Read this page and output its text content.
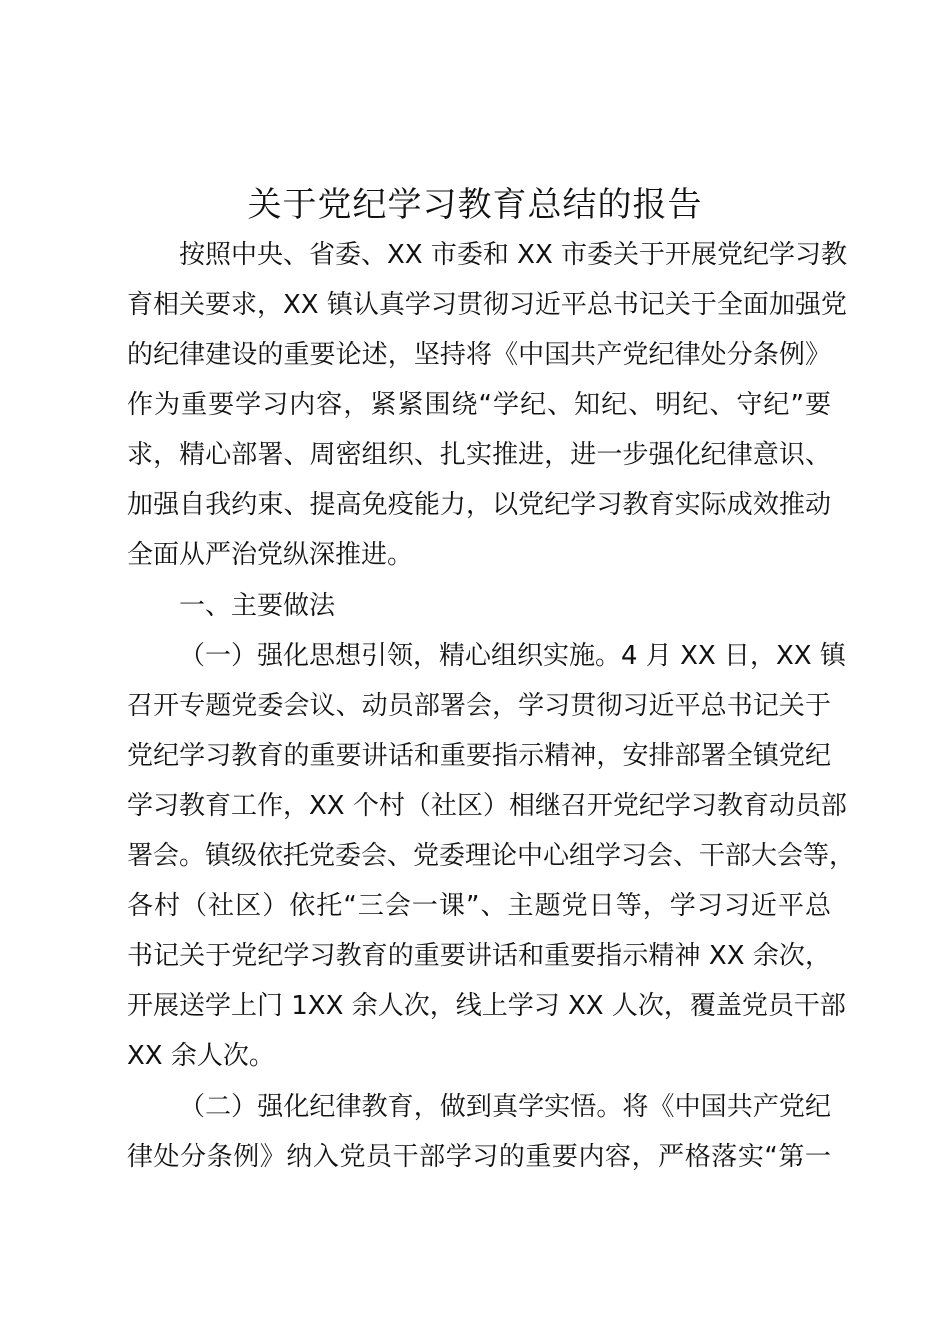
关于党纪学习教育总结的报告

按照中央、省委、XX 市委和 XX 市委关于开展党纪学习教

育相关要求，XX 镇认真学习贯彻习近平总书记关于全面加强党

的纪律建设的重要论述，坚持将《中国共产党纪律处分条例》

作为重要学习内容，紧紧围绕“学纪、知纪、明纪、守纪”要

求，精心部署、周密组织、扎实推进，进一步强化纪律意识、

加强自我约束、提高免疫能力，以党纪学习教育实际成效推动

全面从严治党纵深推进。

一、主要做法

（一）强化思想引领，精心组织实施。4 月 XX 日，XX 镇

召开专题党委会议、动员部署会，学习贯彻习近平总书记关于

党纪学习教育的重要讲话和重要指示精神，安排部署全镇党纪

学习教育工作，XX 个村（社区）相继召开党纪学习教育动员部

署会。镇级依托党委会、党委理论中心组学习会、干部大会等，

各村（社区）依托“三会一课”、主题党日等，学习习近平总

书记关于党纪学习教育的重要讲话和重要指示精神 XX 余次，

开展送学上门 1XX 余人次，线上学习 XX 人次，覆盖党员干部

XX 余人次。

（二）强化纪律教育，做到真学实悟。将《中国共产党纪

律处分条例》纳入党员干部学习的重要内容，严格落实“第一
